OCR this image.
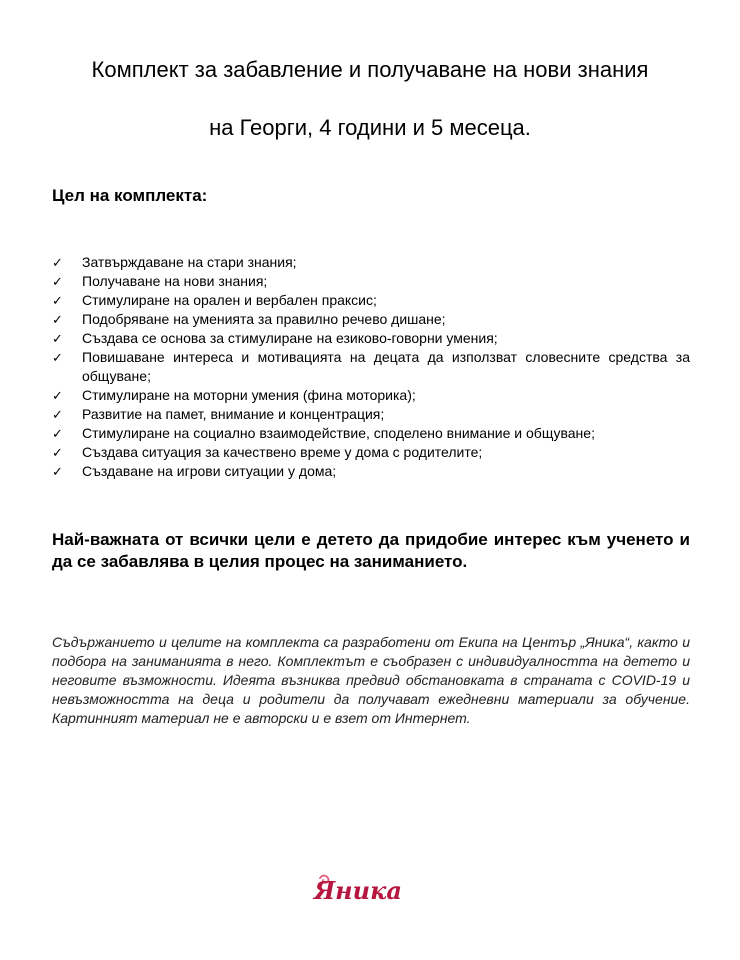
Комплект за забавление и получаване на нови знания
на Георги, 4 години и 5 месеца.
Цел на комплекта:
✓	Затвърждаване на стари знания;
✓	Получаване на нови знания;
✓	Стимулиране на орален и вербален праксис;
✓	Подобряване на уменията за правилно речево дишане;
✓	Създава се основа за стимулиране на езиково-говорни умения;
✓	Повишаване интереса и мотивацията на децата да използват словесните средства за общуване;
✓	Стимулиране на моторни умения (фина моторика);
✓	Развитие на памет, внимание и концентрация;
✓	Стимулиране на социално взаимодействие, споделено внимание и общуване;
✓	Създава ситуация за качествено време у дома с родителите;
✓	Създаване на игрови ситуации у дома;
Най-важната от всички цели е детето да придобие интерес към ученето и да се забавлява в целия процес на заниманието.
Съдържанието и целите на комплекта са разработени от Екипа на Център „Яника“, както и подбора на заниманията в него. Комплектът е съобразен с индивидуалността на детето и неговите възможности. Идеята възниква предвид обстановката в страната с COVID-19 и невъзможността на деца и родители да получават ежедневни материали за обучение. Картинният материал не е авторски и е взет от Интернет.
Яника
